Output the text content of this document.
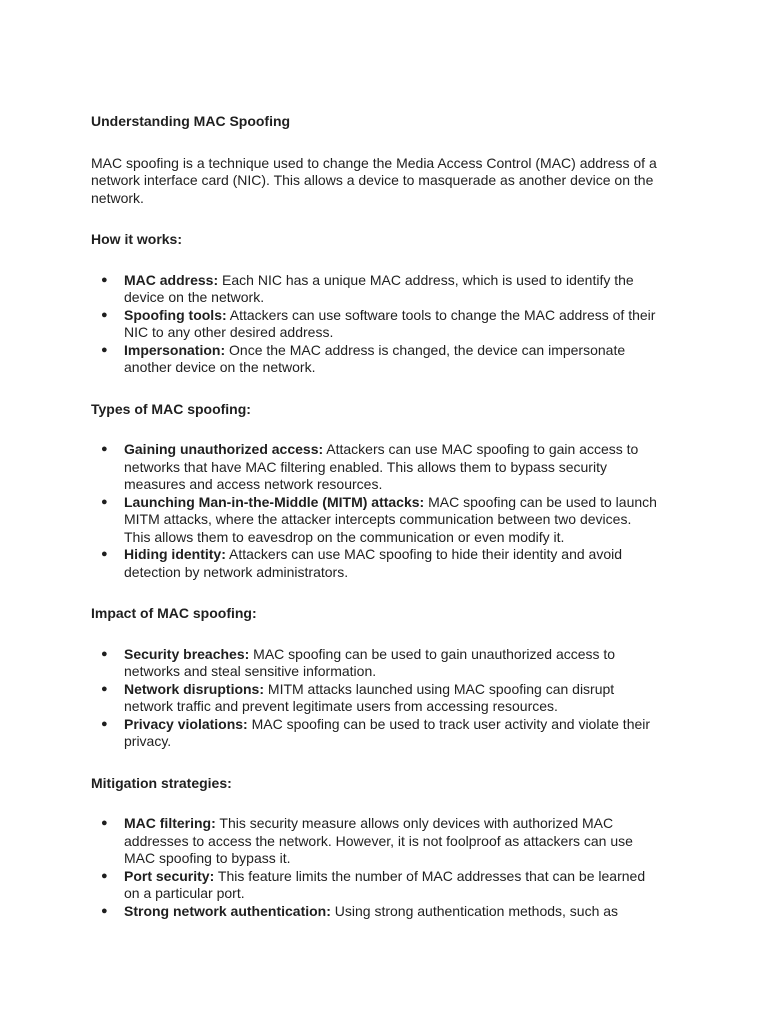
Understanding MAC Spoofing

MAC spoofing is a technique used to change the Media Access Control (MAC) address of a network interface card (NIC). This allows a device to masquerade as another device on the network.

How it works:
● MAC address: Each NIC has a unique MAC address, which is used to identify the device on the network.
● Spoofing tools: Attackers can use software tools to change the MAC address of their NIC to any other desired address.
● Impersonation: Once the MAC address is changed, the device can impersonate another device on the network.
Types of MAC spoofing:
● Gaining unauthorized access: Attackers can use MAC spoofing to gain access to networks that have MAC filtering enabled. This allows them to bypass security measures and access network resources.
● Launching Man-in-the-Middle (MITM) attacks: MAC spoofing can be used to launch MITM attacks, where the attacker intercepts communication between two devices. This allows them to eavesdrop on the communication or even modify it.
● Hiding identity: Attackers can use MAC spoofing to hide their identity and avoid detection by network administrators.
Impact of MAC spoofing:
● Security breaches: MAC spoofing can be used to gain unauthorized access to networks and steal sensitive information.
● Network disruptions: MITM attacks launched using MAC spoofing can disrupt network traffic and prevent legitimate users from accessing resources.
● Privacy violations: MAC spoofing can be used to track user activity and violate their privacy.
Mitigation strategies:
● MAC filtering: This security measure allows only devices with authorized MAC addresses to access the network. However, it is not foolproof as attackers can use MAC spoofing to bypass it.
● Port security: This feature limits the number of MAC addresses that can be learned on a particular port.
● Strong network authentication: Using strong authentication methods, such as
